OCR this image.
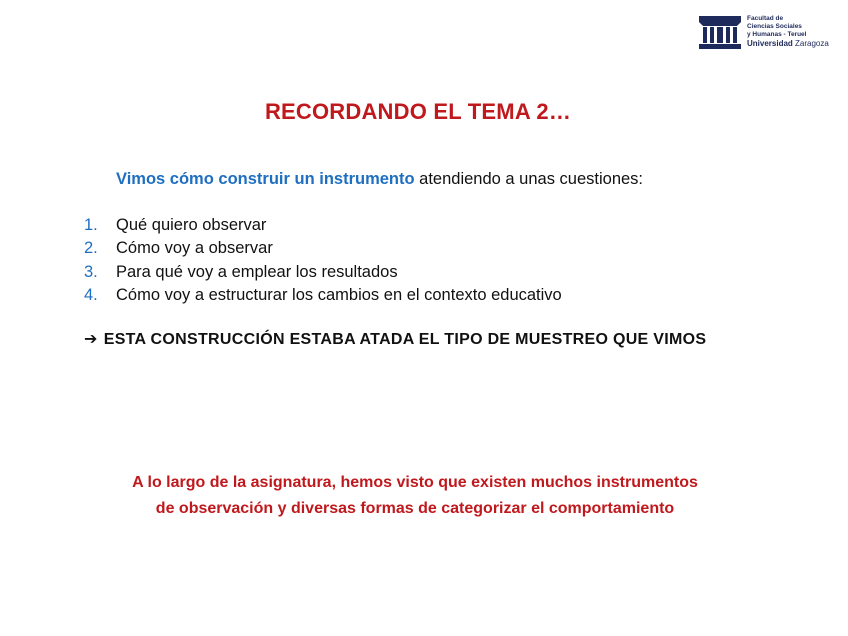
Facultad de
Ciencias Sociales
y Humanas - Teruel
Universidad Zaragoza
RECORDANDO EL TEMA 2…
Vimos cómo construir un instrumento atendiendo a unas cuestiones:
1. Qué quiero observar
2. Cómo voy a observar
3. Para qué voy a emplear los resultados
4. Cómo voy a estructurar los cambios en el contexto educativo
➔ ESTA CONSTRUCCIÓN ESTABA ATADA EL TIPO DE MUESTREO QUE VIMOS
A lo largo de la asignatura, hemos visto que existen muchos instrumentos
de observación y diversas formas de categorizar el comportamiento
